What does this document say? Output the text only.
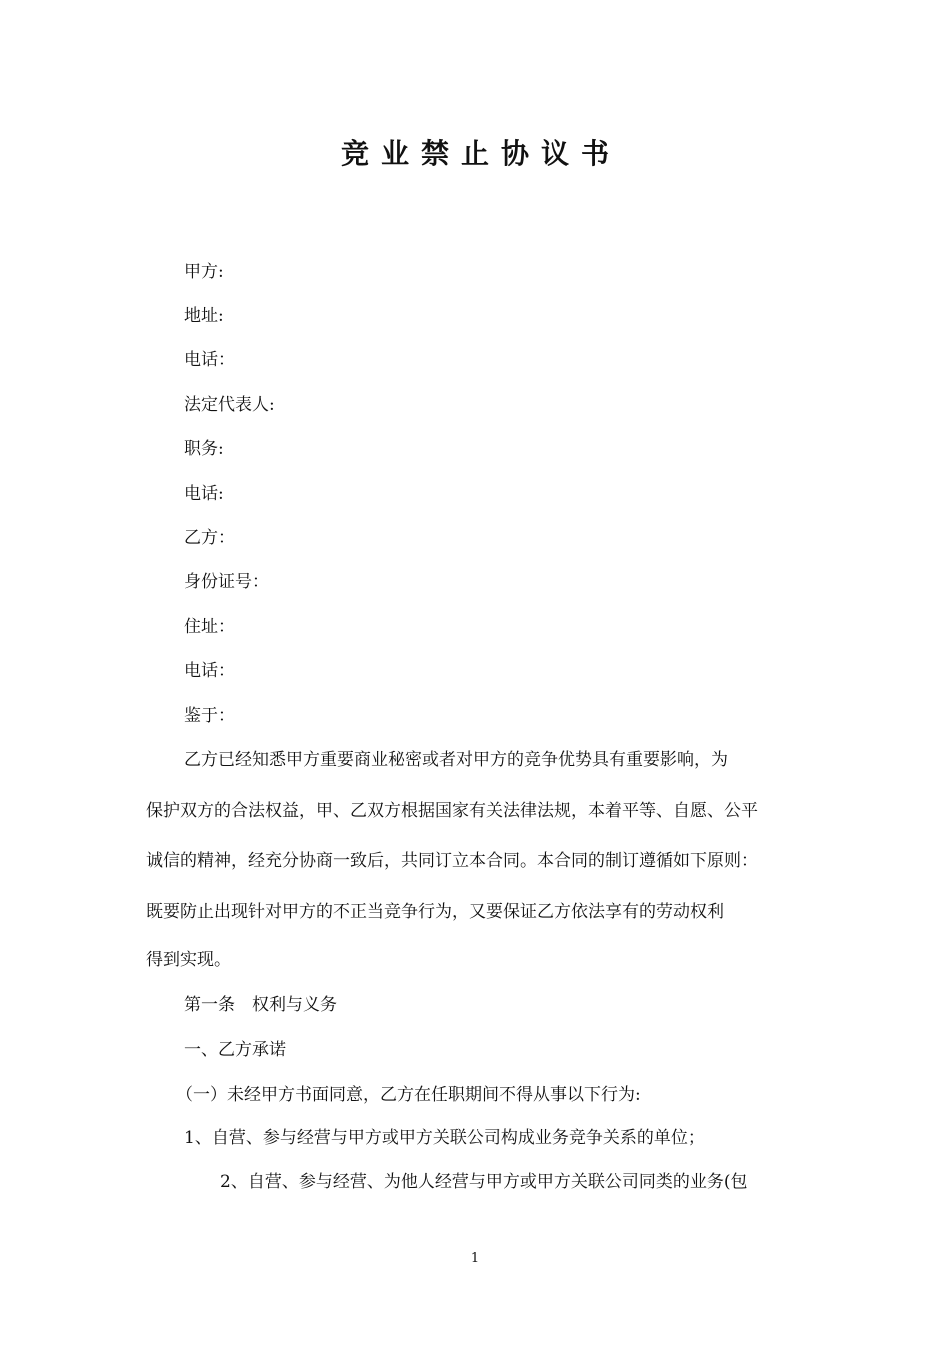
竞业禁止协议书
甲方:
地址:
电话：
法定代表人:
职务:
电话:
乙方：
身份证号：
住址：
电话：
鉴于：
乙方已经知悉甲方重要商业秘密或者对甲方的竞争优势具有重要影响，为
保护双方的合法权益，甲、乙双方根据国家有关法律法规，本着平等、自愿、公平
诚信的精神，经充分协商一致后，共同订立本合同。本合同的制订遵循如下原则：
既要防止出现针对甲方的不正当竞争行为，又要保证乙方依法享有的劳动权利
得到实现。
第一条　权利与义务
一、乙方承诺
（一）未经甲方书面同意，乙方在任职期间不得从事以下行为:
1、自营、参与经营与甲方或甲方关联公司构成业务竞争关系的单位；
2、自营、参与经营、为他人经营与甲方或甲方关联公司同类的业务(包
1
